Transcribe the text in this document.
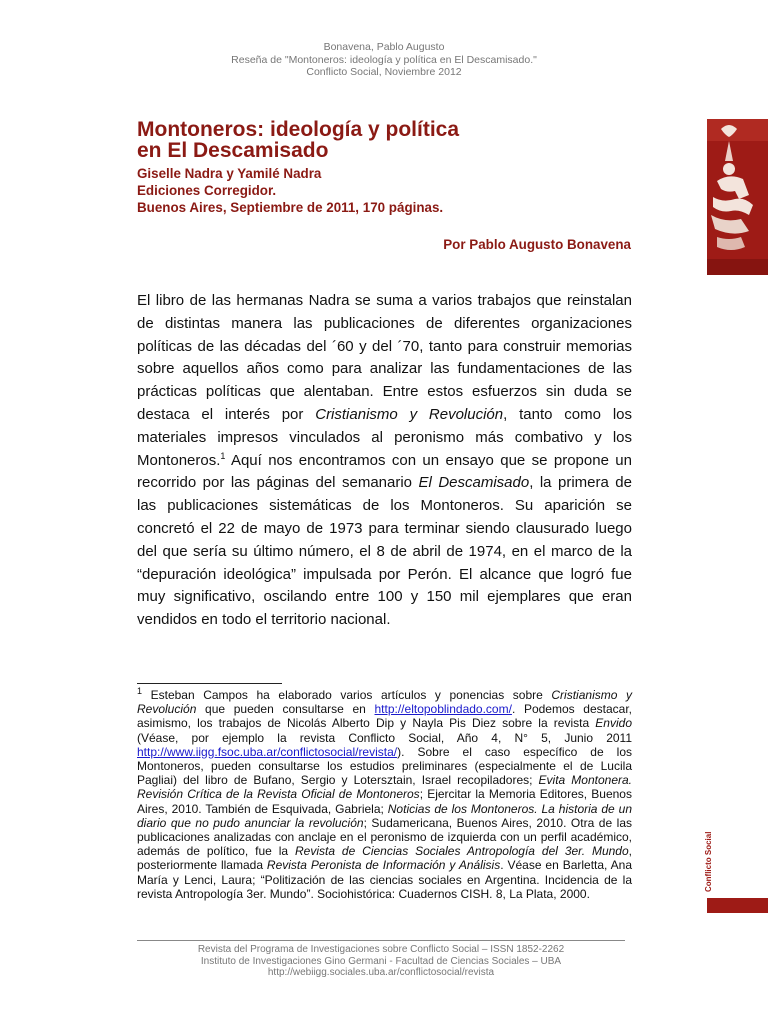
Bonavena, Pablo Augusto
Reseña de "Montoneros: ideología y política en El Descamisado."
Conflicto Social, Noviembre 2012
Montoneros: ideología y política
en El Descamisado
Giselle Nadra y Yamilé Nadra
Ediciones Corregidor.
Buenos Aires, Septiembre de 2011, 170 páginas.
Por Pablo Augusto Bonavena

El libro de las hermanas Nadra se suma a varios trabajos que reinstalan de distintas manera las publicaciones de diferentes organizaciones políticas de las décadas del ´60 y del ´70, tanto para construir memorias sobre aquellos años como para analizar las fundamentaciones de las prácticas políticas que alentaban. Entre estos esfuerzos sin duda se destaca el interés por Cristianismo y Revolución, tanto como los materiales impresos vinculados al peronismo más combativo y los Montoneros.$^1$ Aquí nos encontramos con un ensayo que se propone un recorrido por las páginas del semanario El Descamisado, la primera de las publicaciones sistemáticas de los Montoneros. Su aparición se concretó el 22 de mayo de 1973 para terminar siendo clausurado luego del que sería su último número, el 8 de abril de 1974, en el marco de la “depuración ideológica” impulsada por Perón. El alcance que logró fue muy significativo, oscilando entre 100 y 150 mil ejemplares que eran vendidos en todo el territorio nacional.

$^1$ Esteban Campos ha elaborado varios artículos y ponencias sobre Cristianismo y Revolución que pueden consultarse en http://eltopoblindado.com/. Podemos destacar, asimismo, los trabajos de Nicolás Alberto Dip y Nayla Pis Diez sobre la revista Envido (Véase, por ejemplo la revista Conflicto Social, Año 4, N° 5, Junio 2011 http://www.iigg.fsoc.uba.ar/conflictosocial/revista/). Sobre el caso específico de los Montoneros, pueden consultarse los estudios preliminares (especialmente el de Lucila Pagliai) del libro de Bufano, Sergio y Lotersztain, Israel recopiladores; Evita Montonera. Revisión Crítica de la Revista Oficial de Montoneros; Ejercitar la Memoria Editores, Buenos Aires, 2010. También de Esquivada, Gabriela; Noticias de los Montoneros. La historia de un diario que no pudo anunciar la revolución; Sudamericana, Buenos Aires, 2010. Otra de las publicaciones analizadas con anclaje en el peronismo de izquierda con un perfil académico, además de político, fue la Revista de Ciencias Sociales Antropología del 3er. Mundo, posteriormente llamada Revista Peronista de Información y Análisis. Véase en Barletta, Ana María y Lenci, Laura; “Politización de las ciencias sociales en Argentina. Incidencia de la revista Antropología 3er. Mundo”. Sociohistórica: Cuadernos CISH. 8, La Plata, 2000.

Revista del Programa de Investigaciones sobre Conflicto Social – ISSN 1852-2262
Instituto de Investigaciones Gino Germani - Facultad de Ciencias Sociales – UBA
http://webiigg.sociales.uba.ar/conflictosocial/revista
Conflicto Social
